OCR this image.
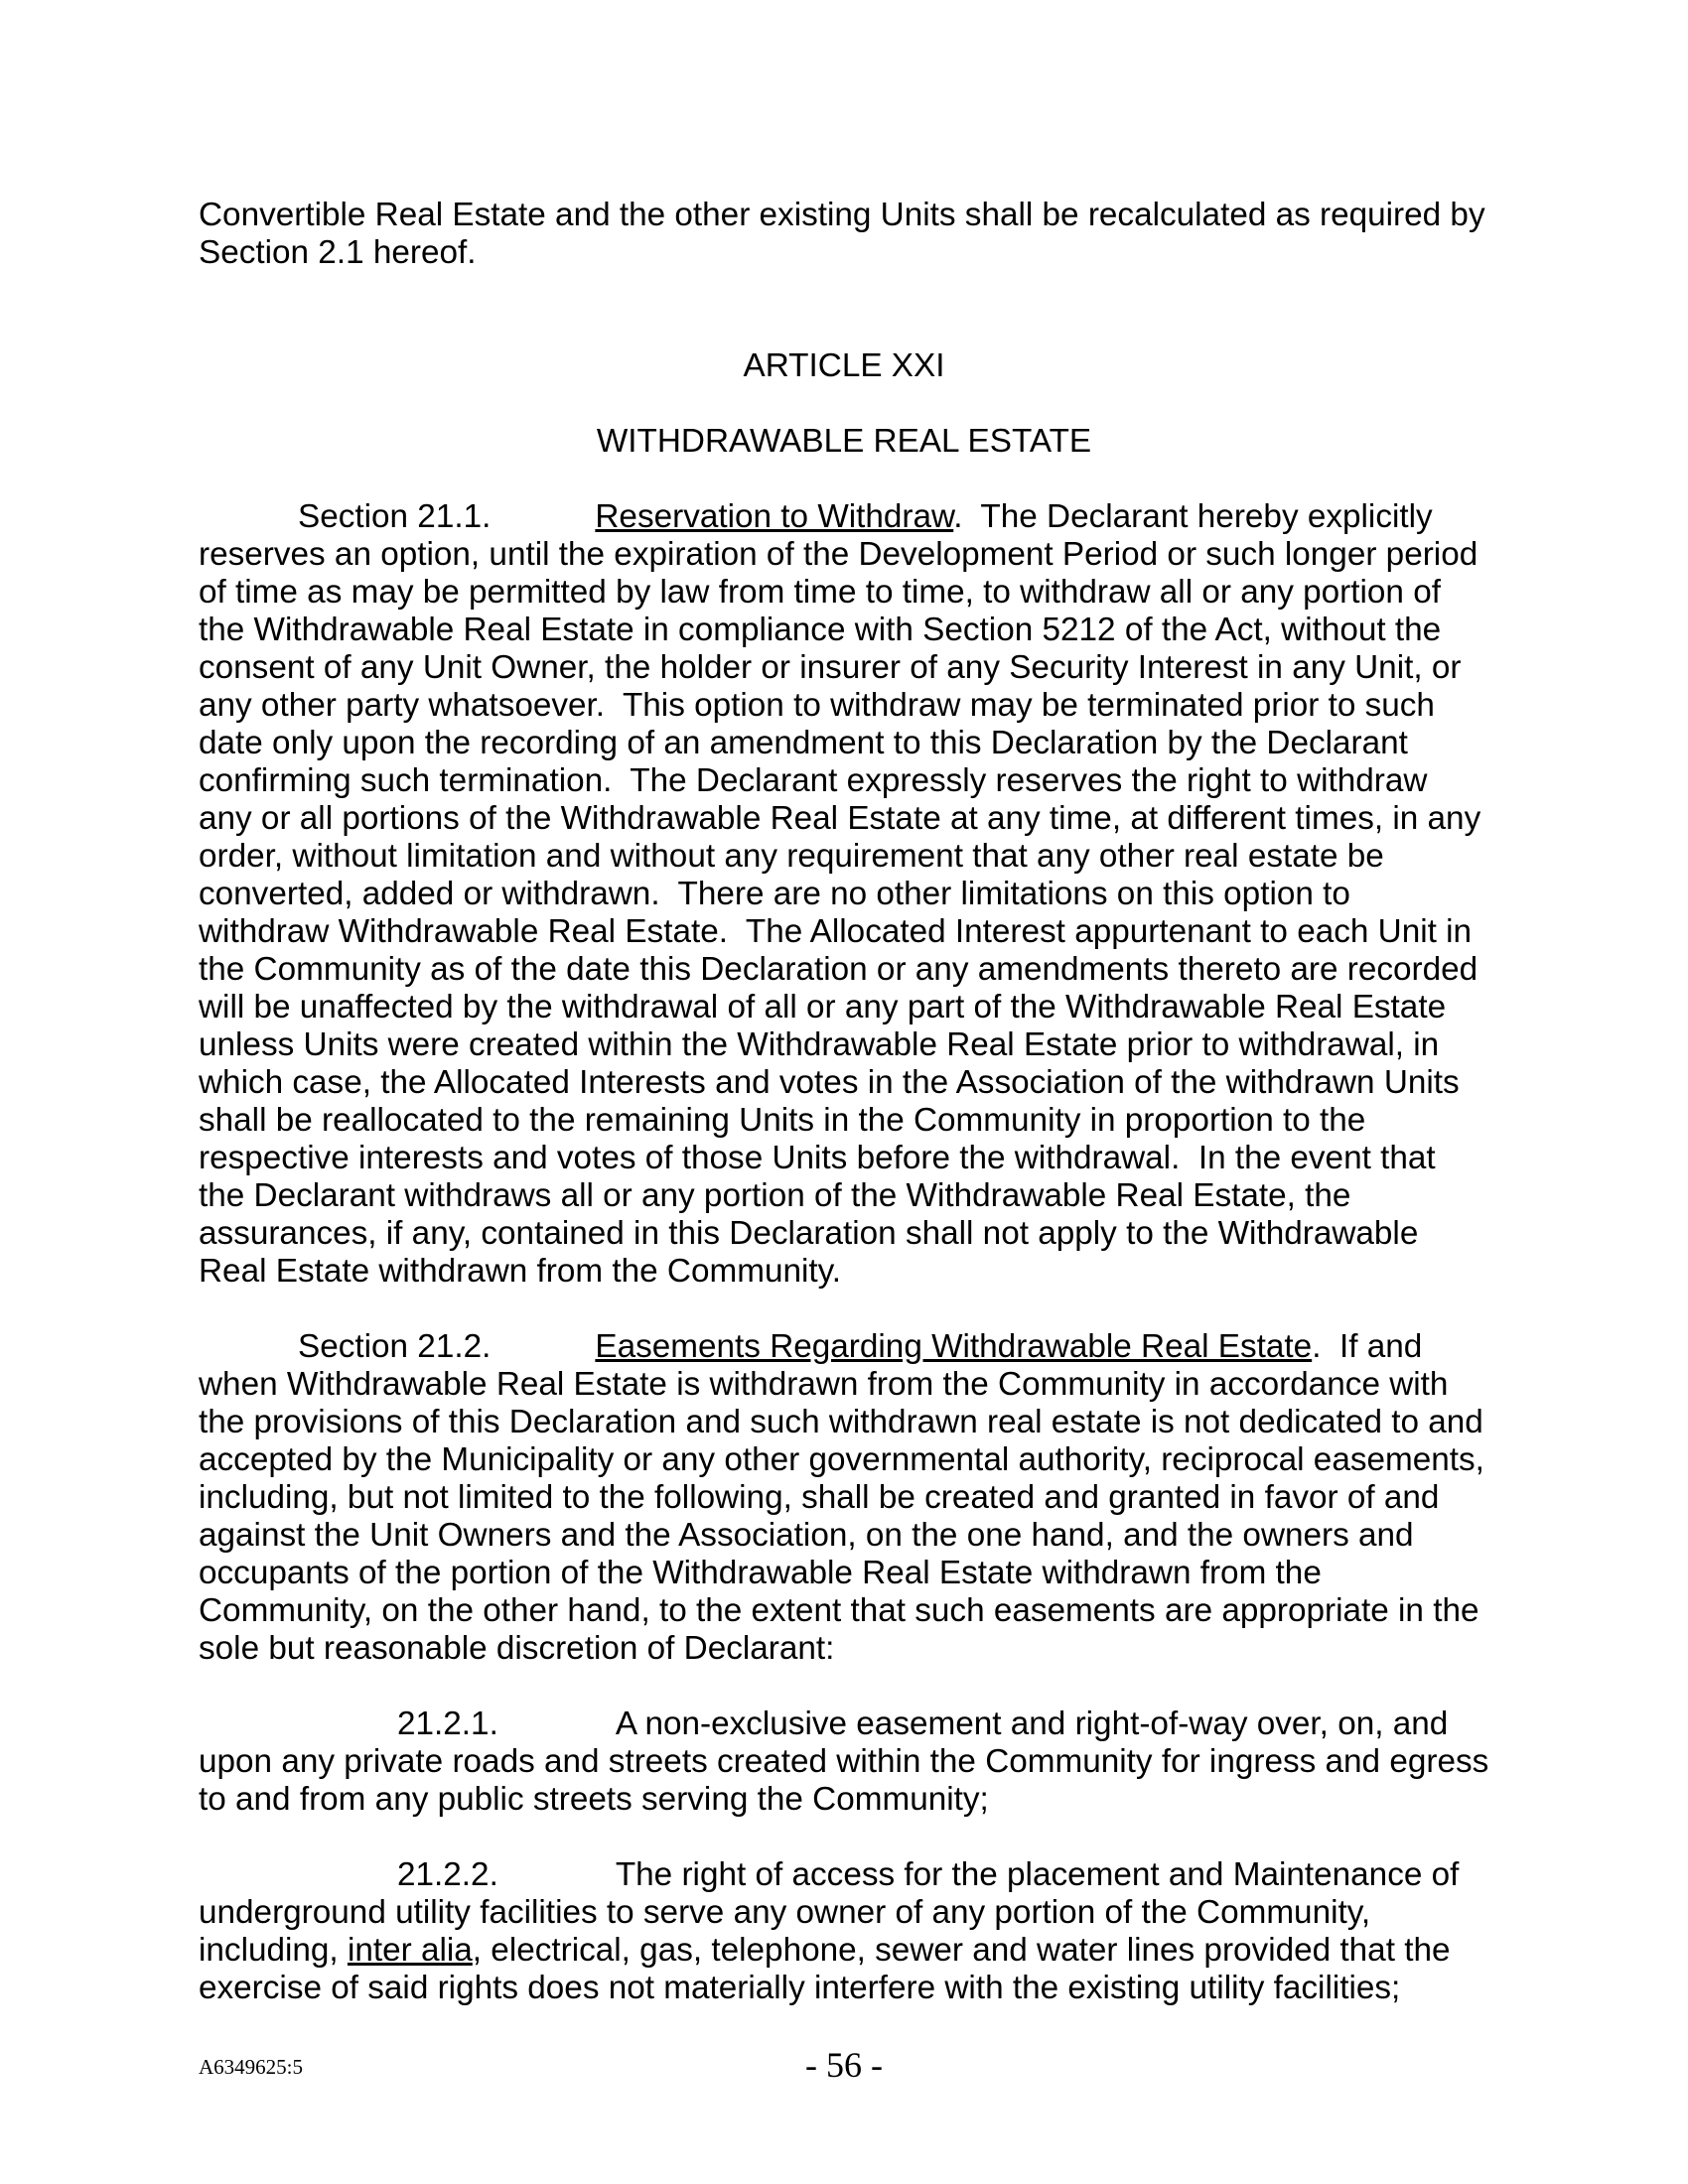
Convertible Real Estate and the other existing Units shall be recalculated as required by Section 2.1 hereof.

ARTICLE XXI

WITHDRAWABLE REAL ESTATE

Section 21.1.	Reservation to Withdraw.  The Declarant hereby explicitly reserves an option, until the expiration of the Development Period or such longer period of time as may be permitted by law from time to time, to withdraw all or any portion of the Withdrawable Real Estate in compliance with Section 5212 of the Act, without the consent of any Unit Owner, the holder or insurer of any Security Interest in any Unit, or any other party whatsoever.  This option to withdraw may be terminated prior to such date only upon the recording of an amendment to this Declaration by the Declarant confirming such termination.  The Declarant expressly reserves the right to withdraw any or all portions of the Withdrawable Real Estate at any time, at different times, in any order, without limitation and without any requirement that any other real estate be converted, added or withdrawn.  There are no other limitations on this option to withdraw Withdrawable Real Estate.  The Allocated Interest appurtenant to each Unit in the Community as of the date this Declaration or any amendments thereto are recorded will be unaffected by the withdrawal of all or any part of the Withdrawable Real Estate unless Units were created within the Withdrawable Real Estate prior to withdrawal, in which case, the Allocated Interests and votes in the Association of the withdrawn Units shall be reallocated to the remaining Units in the Community in proportion to the respective interests and votes of those Units before the withdrawal.  In the event that the Declarant withdraws all or any portion of the Withdrawable Real Estate, the assurances, if any, contained in this Declaration shall not apply to the Withdrawable Real Estate withdrawn from the Community.

Section 21.2.	Easements Regarding Withdrawable Real Estate.  If and when Withdrawable Real Estate is withdrawn from the Community in accordance with the provisions of this Declaration and such withdrawn real estate is not dedicated to and accepted by the Municipality or any other governmental authority, reciprocal easements, including, but not limited to the following, shall be created and granted in favor of and against the Unit Owners and the Association, on the one hand, and the owners and occupants of the portion of the Withdrawable Real Estate withdrawn from the Community, on the other hand, to the extent that such easements are appropriate in the sole but reasonable discretion of Declarant:

21.2.1.	A non-exclusive easement and right-of-way over, on, and upon any private roads and streets created within the Community for ingress and egress to and from any public streets serving the Community;

21.2.2.	The right of access for the placement and Maintenance of underground utility facilities to serve any owner of any portion of the Community, including, inter alia, electrical, gas, telephone, sewer and water lines provided that the exercise of said rights does not materially interfere with the existing utility facilities;

A6349625:5	- 56 -
